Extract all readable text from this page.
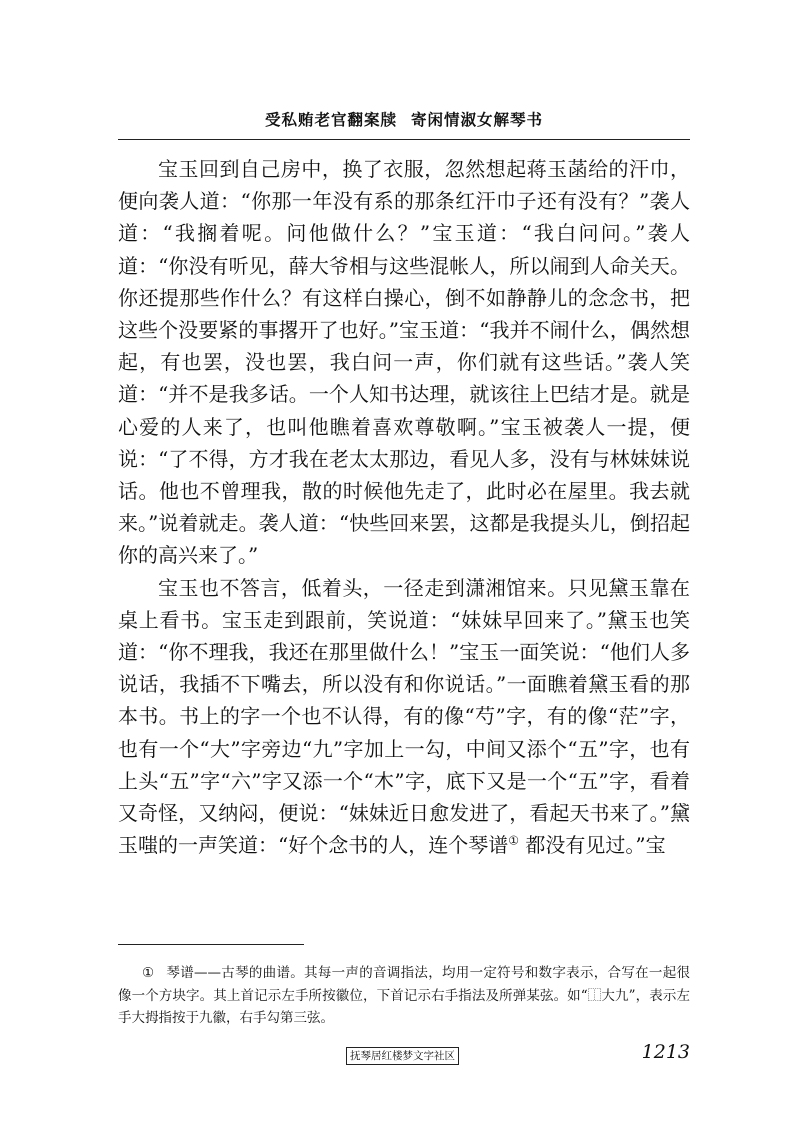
受私贿老官翻案牍 寄闲情淑女解琴书

宝玉回到自己房中，换了衣服，忽然想起蒋玉菡给的汗巾，便向袭人道：“你那一年没有系的那条红汗巾子还有没有？”袭人道：“我搁着呢。问他做什么？”宝玉道：“我白问问。”袭人道：“你没有听见，薛大爷相与这些混帐人，所以闹到人命关天。你还提那些作什么？有这样白操心，倒不如静静儿的念念书，把这些个没要紧的事撂开了也好。”宝玉道：“我并不闹什么，偶然想起，有也罢，没也罢，我白问一声，你们就有这些话。”袭人笑道：“并不是我多话。一个人知书达理，就该往上巴结才是。就是心爱的人来了，也叫他瞧着喜欢尊敬啊。”宝玉被袭人一提，便说：“了不得，方才我在老太太那边，看见人多，没有与林妹妹说话。他也不曾理我，散的时候他先走了，此时必在屋里。我去就来。”说着就走。袭人道：“快些回来罢，这都是我提头儿，倒招起你的高兴来了。”

宝玉也不答言，低着头，一径走到潇湘馆来。只见黛玉靠在桌上看书。宝玉走到跟前，笑说道：“妹妹早回来了。”黛玉也笑道：“你不理我，我还在那里做什么！”宝玉一面笑说：“他们人多说话，我插不下嘴去，所以没有和你说话。”一面瞧着黛玉看的那本书。书上的字一个也不认得，有的像“芍”字，有的像“茫”字，也有一个“大”字旁边“九”字加上一勾，中间又添个“五”字，也有上头“五”字“六”字又添一个“木”字，底下又是一个“五”字，看着又奇怪，又纳闷，便说：“妹妹近日愈发进了，看起天书来了。”黛玉嗤的一声笑道：“好个念书的人，连个琴谱① 都没有见过。”宝

① 琴谱——古琴的曲谱。其每一声的音调指法，均用一定符号和数字表示，合写在一起很像一个方块字。其上首记示左手所按徽位，下首记示右手指法及所弹某弦。如“⿰大九”，表示左手大拇指按于九徽，右手勾第三弦。
抚琴居红楼梦文字社区	1213
